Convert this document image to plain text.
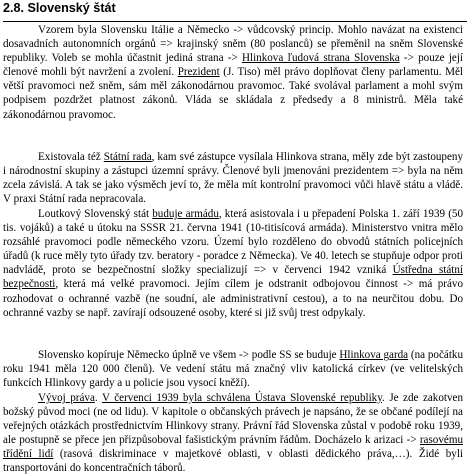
2.8. Slovenský štát

Vzorem byla Slovensku Itálie a Německo -> vůdcovský princip. Mohlo navázat na existenci dosavadních autonomních orgánů => krajinský sněm (80 poslanců) se přeměnil na sněm Slovenské republiky. Voleb se mohla účastnit jediná strana -> Hlinkova ľudová strana Slovenska -> pouze její členové mohli být navržení a zvolení. Prezident (J. Tiso) měl právo doplňovat členy parlamentu. Měl větší pravomoci než sněm, sám měl zákonodárnou pravomoc. Také svolával parlament a mohl svým podpisem pozdržet platnost zákonů. Vláda se skládala z předsedy a 8 ministrů. Měla také zákonodárnou pravomoc.

Existovala též Státní rada, kam své zástupce vysílala Hlinkova strana, měly zde být zastoupeny i národnostní skupiny a zástupci územní správy. Členové byli jmenováni prezidentem => byla na něm zcela závislá. A tak se jako výsměch jeví to, že měla mít kontrolní pravomoci vůči hlavě státu a vládě. V praxi Státní rada nepracovala.

Loutkový Slovenský stát buduje armádu, která asistovala i u přepadení Polska 1. září 1939 (50 tis. vojáků) a také u útoku na SSSR 21. června 1941 (10-titisícová armáda). Ministerstvo vnitra mělo rozsáhlé pravomoci podle německého vzoru. Území bylo rozděleno do obvodů státních policejních úřadů (k ruce měly tyto úřady tzv. beratory - poradce z Německa). Ve 40. letech se stupňuje odpor proti nadvládě, proto se bezpečnostní složky specializují => v červenci 1942 vzniká Ústředna státní bezpečnosti, která má velké pravomoci. Jejím cílem je odstranit odbojovou činnost -> má právo rozhodovat o ochranné vazbě (ne soudní, ale administrativní cestou), a to na neurčitou dobu. Do ochranné vazby se např. zavírají odsouzené osoby, které si již svůj trest odpykaly.

Slovensko kopíruje Německo úplně ve všem -> podle SS se buduje Hlinkova garda (na počátku roku 1941 měla 120 000 členů). Ve vedení státu má značný vliv katolická církev (ve velitelských funkcích Hlinkovy gardy a u policie jsou vysocí kněží).

Vývoj práva. V červenci 1939 byla schválena Ústava Slovenské republiky. Je zde zakotven božský původ moci (ne od lidu). V kapitole o občanských právech je napsáno, že se občané podílejí na veřejných otázkách prostřednictvím Hlinkovy strany. Právní řád Slovenska zůstal v podobě roku 1939, ale postupně se přece jen přizpůsoboval fašistickým právním řádům. Docházelo k arizaci -> rasovému třídění lidí (rasová diskriminace v majetkové oblasti, v oblasti dědického práva,…). Židé byli transportováni do koncentračních táborů.
